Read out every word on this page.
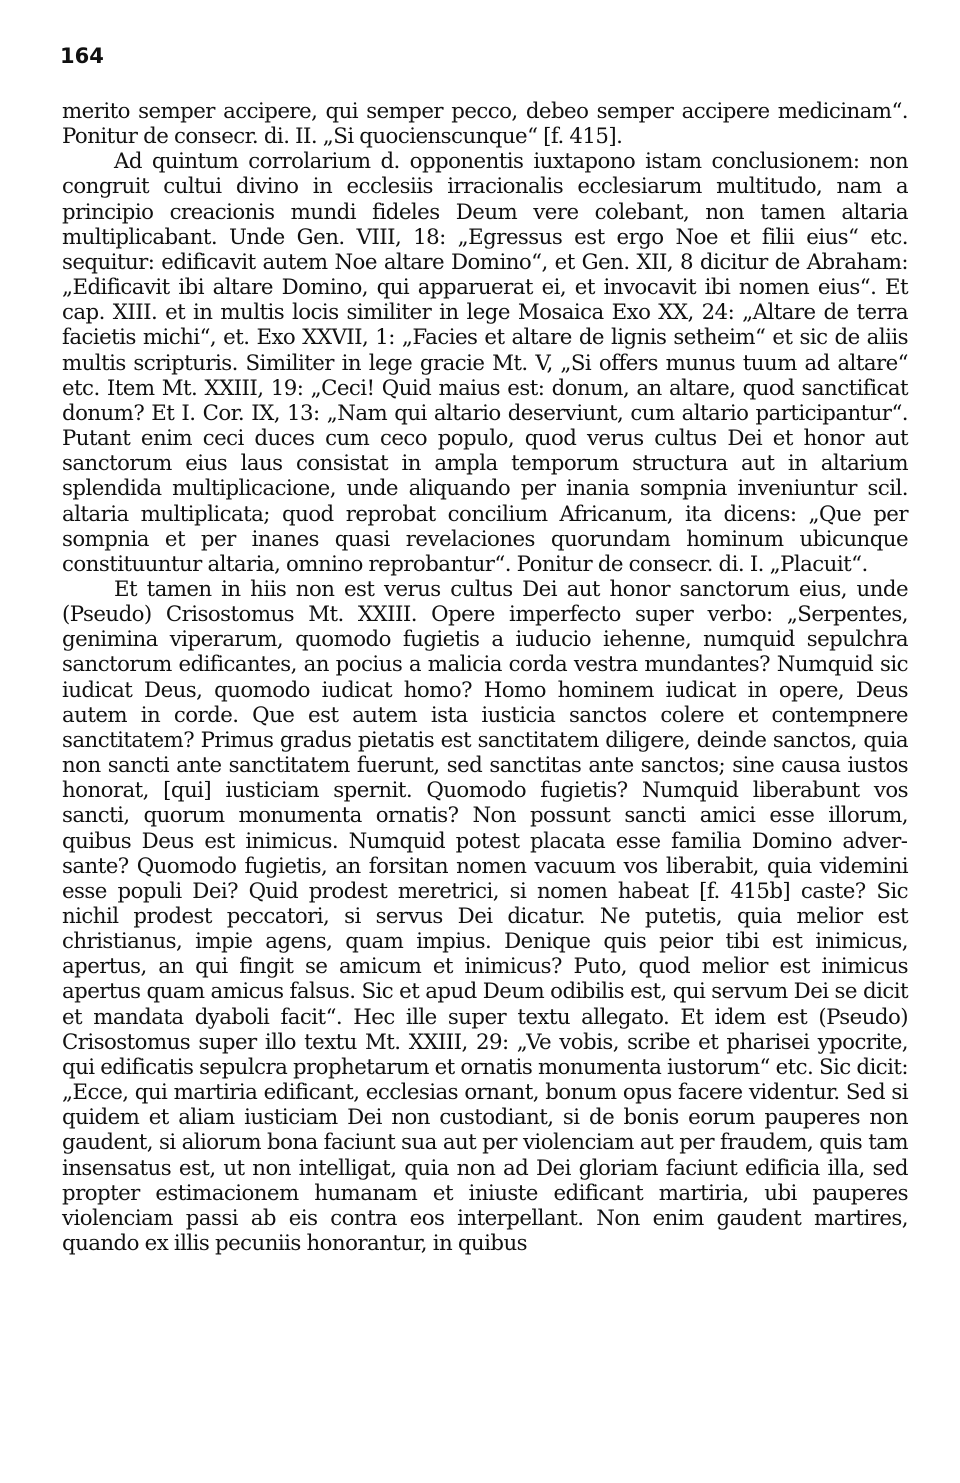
164

merito semper accipere, qui semper pecco, debeo semper accipere medicinam“. Ponitur de consecr. di. II. „Si quocienscunque“ [f. 415].

Ad quintum corrolarium d. opponentis iuxtapono istam conclusionem: non congruit cultui divino in ecclesiis irracionalis ecclesiarum multitudo, nam a principio creacionis mundi fideles Deum vere colebant, non tamen altaria multiplicabant. Unde Gen. VIII, 18: „Egressus est ergo Noe et filii eius“ etc. sequitur: edificavit autem Noe altare Domino“, et Gen. XII, 8 dicitur de Abraham: „Edificavit ibi altare Domino, qui apparuerat ei, et invocavit ibi nomen eius“. Et cap. XIII. et in multis locis similiter in lege Mosaica Exo XX, 24: „Altare de terra facietis michi“, et. Exo XXVII, 1: „Facies et altare de lignis setheim“ et sic de aliis multis scripturis. Similiter in lege gracie Mt. V, „Si offers munus tuum ad altare“ etc. Item Mt. XXIII, 19: „Ceci! Quid maius est: donum, an altare, quod sanctificat donum? Et I. Cor. IX, 13: „Nam qui altario deserviunt, cum altario participantur“. Putant enim ceci duces cum ceco populo, quod verus cultus Dei et honor aut sanctorum eius laus consistat in ampla temporum structura aut in altarium splendida multiplicacione, unde aliquando per inania sompnia inveniuntur scil. altaria multiplicata; quod reprobat concilium Africanum, ita dicens: „Que per sompnia et per inanes quasi revelaciones quorundam hominum ubicunque constituuntur altaria, omnino reprobantur“. Ponitur de consecr. di. I. „Placuit“.

Et tamen in hiis non est verus cultus Dei aut honor sanctorum eius, unde (Pseudo) Crisostomus Mt. XXIII. Opere imperfecto super verbo: „Serpentes, genimina viperarum, quomodo fugietis a iuducio iehenne, numquid sepulchra sanctorum edificantes, an pocius a malicia corda vestra mundantes? Numquid sic iudicat Deus, quomodo iudicat homo? Homo hominem iudicat in opere, Deus autem in corde. Que est autem ista iusticia sanctos colere et contempnere sanctitatem? Primus gradus pietatis est sanctitatem diligere, deinde sanctos, quia non sancti ante sanctitatem fuerunt, sed sanctitas ante sanctos; sine causa iustos honorat, [qui] iusticiam spernit. Quomodo fugietis? Numquid liberabunt vos sancti, quorum monumenta ornatis? Non possunt sancti amici esse illorum, quibus Deus est inimicus. Numquid potest placata esse familia Domino adversante? Quomodo fugietis, an forsitan nomen vacuum vos liberabit, quia videmini esse populi Dei? Quid prodest meretrici, si nomen habeat [f. 415b] caste? Sic nichil prodest peccatori, si servus Dei dicatur. Ne putetis, quia melior est christianus, impie agens, quam impius. Denique quis peior tibi est inimicus, apertus, an qui fingit se amicum et inimicus? Puto, quod melior est inimicus apertus quam amicus falsus. Sic et apud Deum odibilis est, qui servum Dei se dicit et mandata dyaboli facit“. Hec ille super textu allegato. Et idem est (Pseudo) Crisostomus super illo textu Mt. XXIII, 29: „Ve vobis, scribe et pharisei ypocrite, qui edificatis sepulcra prophetarum et ornatis monumenta iustorum“ etc. Sic dicit: „Ecce, qui martiria edificant, ecclesias ornant, bonum opus facere videntur. Sed si quidem et aliam iusticiam Dei non custodiant, si de bonis eorum pauperes non gaudent, si aliorum bona faciunt sua aut per violenciam aut per fraudem, quis tam insensatus est, ut non intelligat, quia non ad Dei gloriam faciunt edificia illa, sed propter estimacionem humanam et iniuste edificant martiria, ubi pauperes violenciam passi ab eis contra eos interpellant. Non enim gaudent martires, quando ex illis pecuniis honorantur, in quibus
